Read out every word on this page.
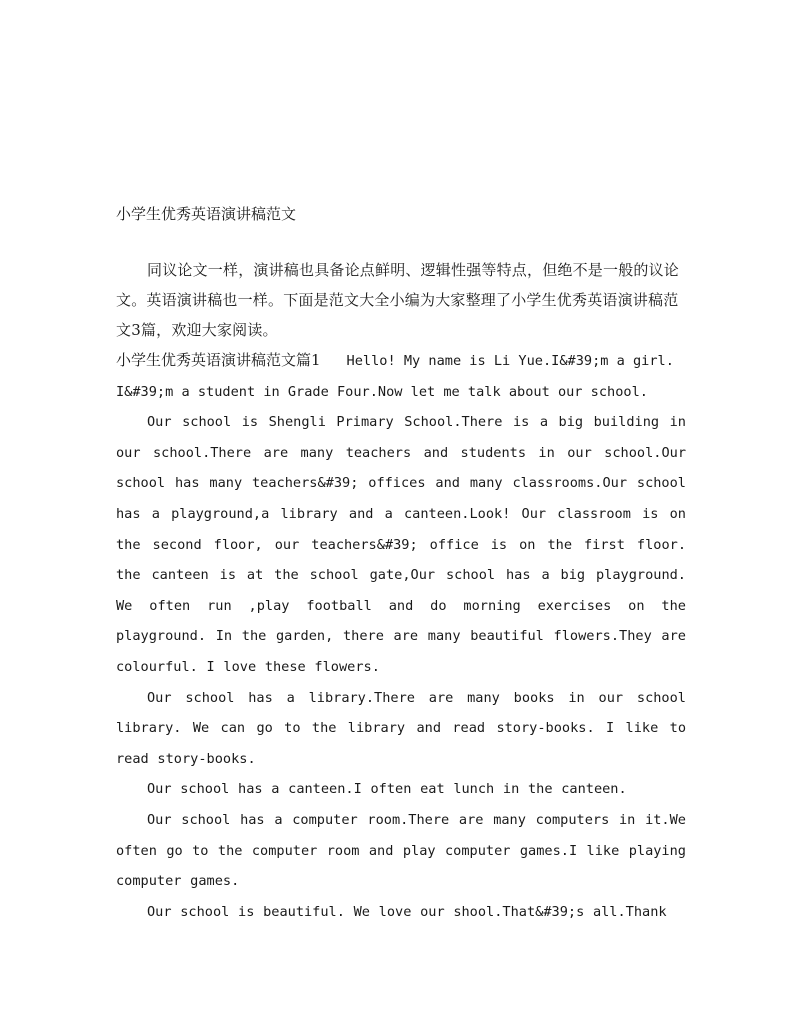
小学生优秀英语演讲稿范文

同议论文一样，演讲稿也具备论点鲜明、逻辑性强等特点，但绝不是一般的议论文。英语演讲稿也一样。下面是范文大全小编为大家整理了小学生优秀英语演讲稿范文3篇，欢迎大家阅读。

小学生优秀英语演讲稿范文篇1 Hello! My name is Li Yue.I&#39;m a girl. I&#39;m a student in Grade Four.Now let me talk about our school.

Our school is Shengli Primary School.There is a big building in our school.There are many teachers and students in our school.Our school has many teachers&#39; offices and many classrooms.Our school has a playground,a library and a canteen.Look! Our classroom is on the second floor, our teachers&#39; office is on the first floor. the canteen is at the school gate,Our school has a big playground. We often run ,play football and do morning exercises on the playground. In the garden, there are many beautiful flowers.They are colourful. I love these flowers.

Our school has a library.There are many books in our school library. We can go to the library and read story-books. I like to read story-books.

Our school has a canteen.I often eat lunch in the canteen.

Our school has a computer room.There are many computers in it.We often go to the computer room and play computer games.I like playing computer games.

Our school is beautiful. We love our shool.That&#39;s all.Thank
